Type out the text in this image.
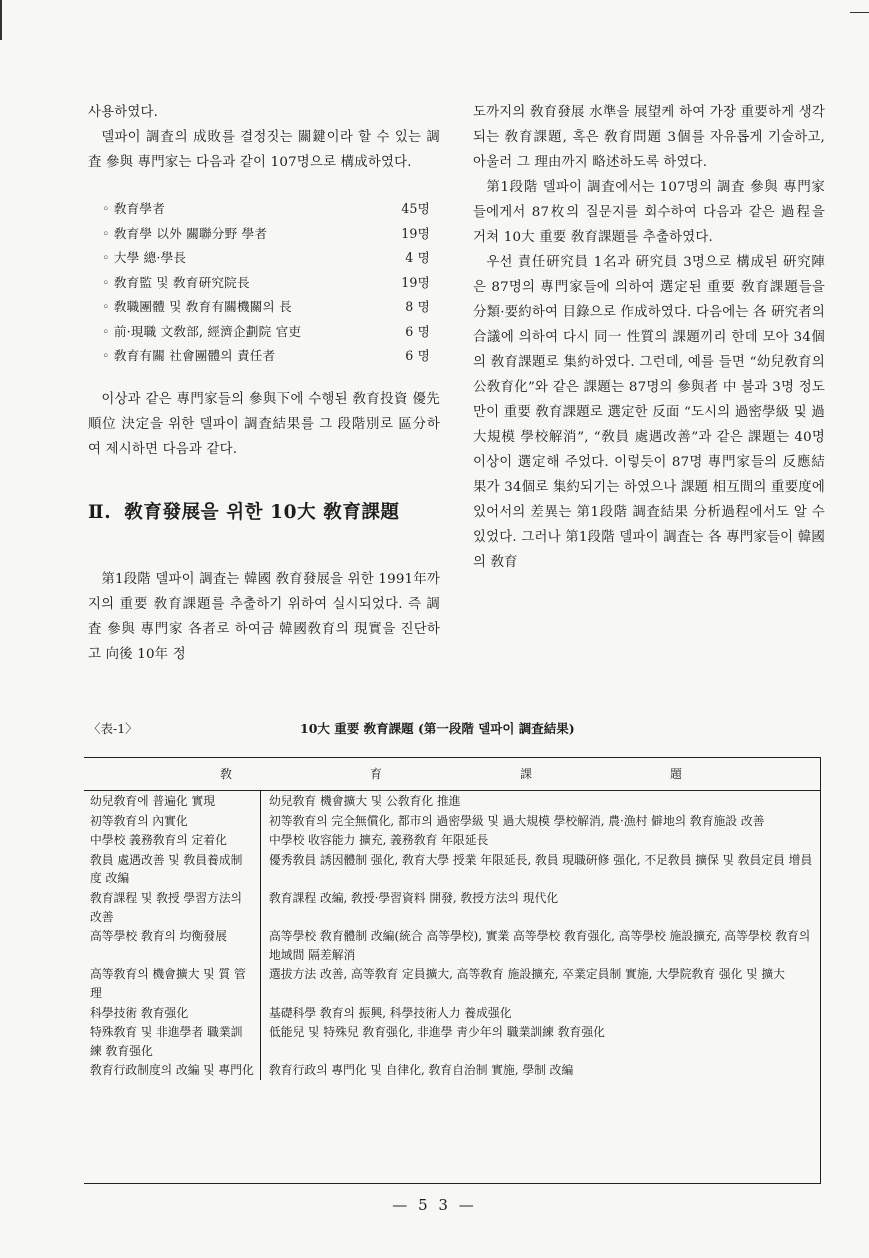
사용하였다.

델파이 調査의 成敗를 결정짓는 關鍵이라 할 수 있는 調査 參與 專門家는 다음과 같이 107명으로 構成하였다.

◦ 敎育學者	45명
◦ 敎育學 以外 關聯分野 學者	19명
◦ 大學 總·學長	4 명
◦ 敎育監 및 敎育硏究院長	19명
◦ 敎職團體 및 敎育有關機關의 長	8 명
◦ 前·現職 文敎部, 經濟企劃院 官吏	6 명
◦ 敎育有關 社會團體의 責任者	6 명

이상과 같은 專門家들의 參與下에 수행된 敎育投資 優先順位 決定을 위한 델파이 調査結果를 그 段階別로 區分하여 제시하면 다음과 같다.

Ⅱ. 敎育發展을 위한 10大 敎育課題

第1段階 델파이 調査는 韓國 敎育發展을 위한 1991年까지의 重要 敎育課題를 추출하기 위하여 실시되었다. 즉 調査 參與 專門家 各者로 하여금 韓國敎育의 現實을 진단하고 向後 10年 정

도까지의 敎育發展 水準을 展望케 하여 가장 重要하게 생각되는 敎育課題, 혹은 敎育問題 3個를 자유롭게 기술하고, 아울러 그 理由까지 略述하도록 하였다.

第1段階 델파이 調査에서는 107명의 調査 參與 專門家들에게서 87枚의 질문지를 회수하여 다음과 같은 過程을 거쳐 10大 重要 敎育課題를 추출하였다.

우선 責任硏究員 1名과 硏究員 3명으로 構成된 硏究陣은 87명의 專門家들에 의하여 選定된 重要 敎育課題들을 分類·要約하여 目錄으로 作成하였다. 다음에는 各 硏究者의 合議에 의하여 다시 同一 性質의 課題끼리 한데 모아 34個의 敎育課題로 集約하였다. 그런데, 예를 들면 “幼兒敎育의 公敎育化”와 같은 課題는 87명의 參與者 中 불과 3명 정도만이 重要 敎育課題로 選定한 反面 “도시의 過密學級 및 過大規模 學校解消”, “敎員 處遇改善”과 같은 課題는 40명 이상이 選定해 주었다. 이렇듯이 87명 專門家들의 反應結果가 34個로 集約되기는 하였으나 課題 相互間의 重要度에 있어서의 差異는 第1段階 調査結果 分析過程에서도 알 수 있었다. 그러나 第1段階 델파이 調査는 各 專門家들이 韓國의 敎育

〈表-1〉	10大 重要 敎育課題 (第一段階 델파이 調査結果)
敎 育 課 題	
幼兒敎育에 普遍化 實現	幼兒敎育 機會擴大 및 公敎育化 推進
初等敎育의 內實化	初等敎育의 完全無償化, 都市의 過密學級 및 過大規模 學校解消, 農·漁村 僻地의 敎育施設 改善
中學校 義務敎育의 定着化	中學校 收容能力 擴充, 義務敎育 年限延長
敎員 處遇改善 및 敎員養成制度 改編	優秀敎員 誘因體制 强化, 敎育大學 授業 年限延長, 敎員 現職硏修 强化, 不足敎員 擴保 및 敎員定員 增員
敎育課程 및 敎授 學習方法의 改善	敎育課程 改編, 敎授·學習資料 開發, 敎授方法의 現代化
高等學校 敎育의 均衡發展	高等學校 敎育體制 改編(統合 高等學校), 實業 高等學校 敎育强化, 高等學校 施設擴充, 高等學校 敎育의 地域間 隔差解消
高等敎育의 機會擴大 및 質 管理	選拔方法 改善, 高等敎育 定員擴大, 高等敎育 施設擴充, 卒業定員制 實施, 大學院敎育 强化 및 擴大
科學技術 敎育强化	基礎科學 敎育의 振興, 科學技術人力 養成强化
特殊敎育 및 非進學者 職業訓練 敎育强化	低能兒 및 特殊兒 敎育强化, 非進學 靑少年의 職業訓練 敎育强化
敎育行政制度의 改編 및 專門化	敎育行政의 專門化 및 自律化, 敎育自治制 實施, 學制 改編
— 5 3 —
